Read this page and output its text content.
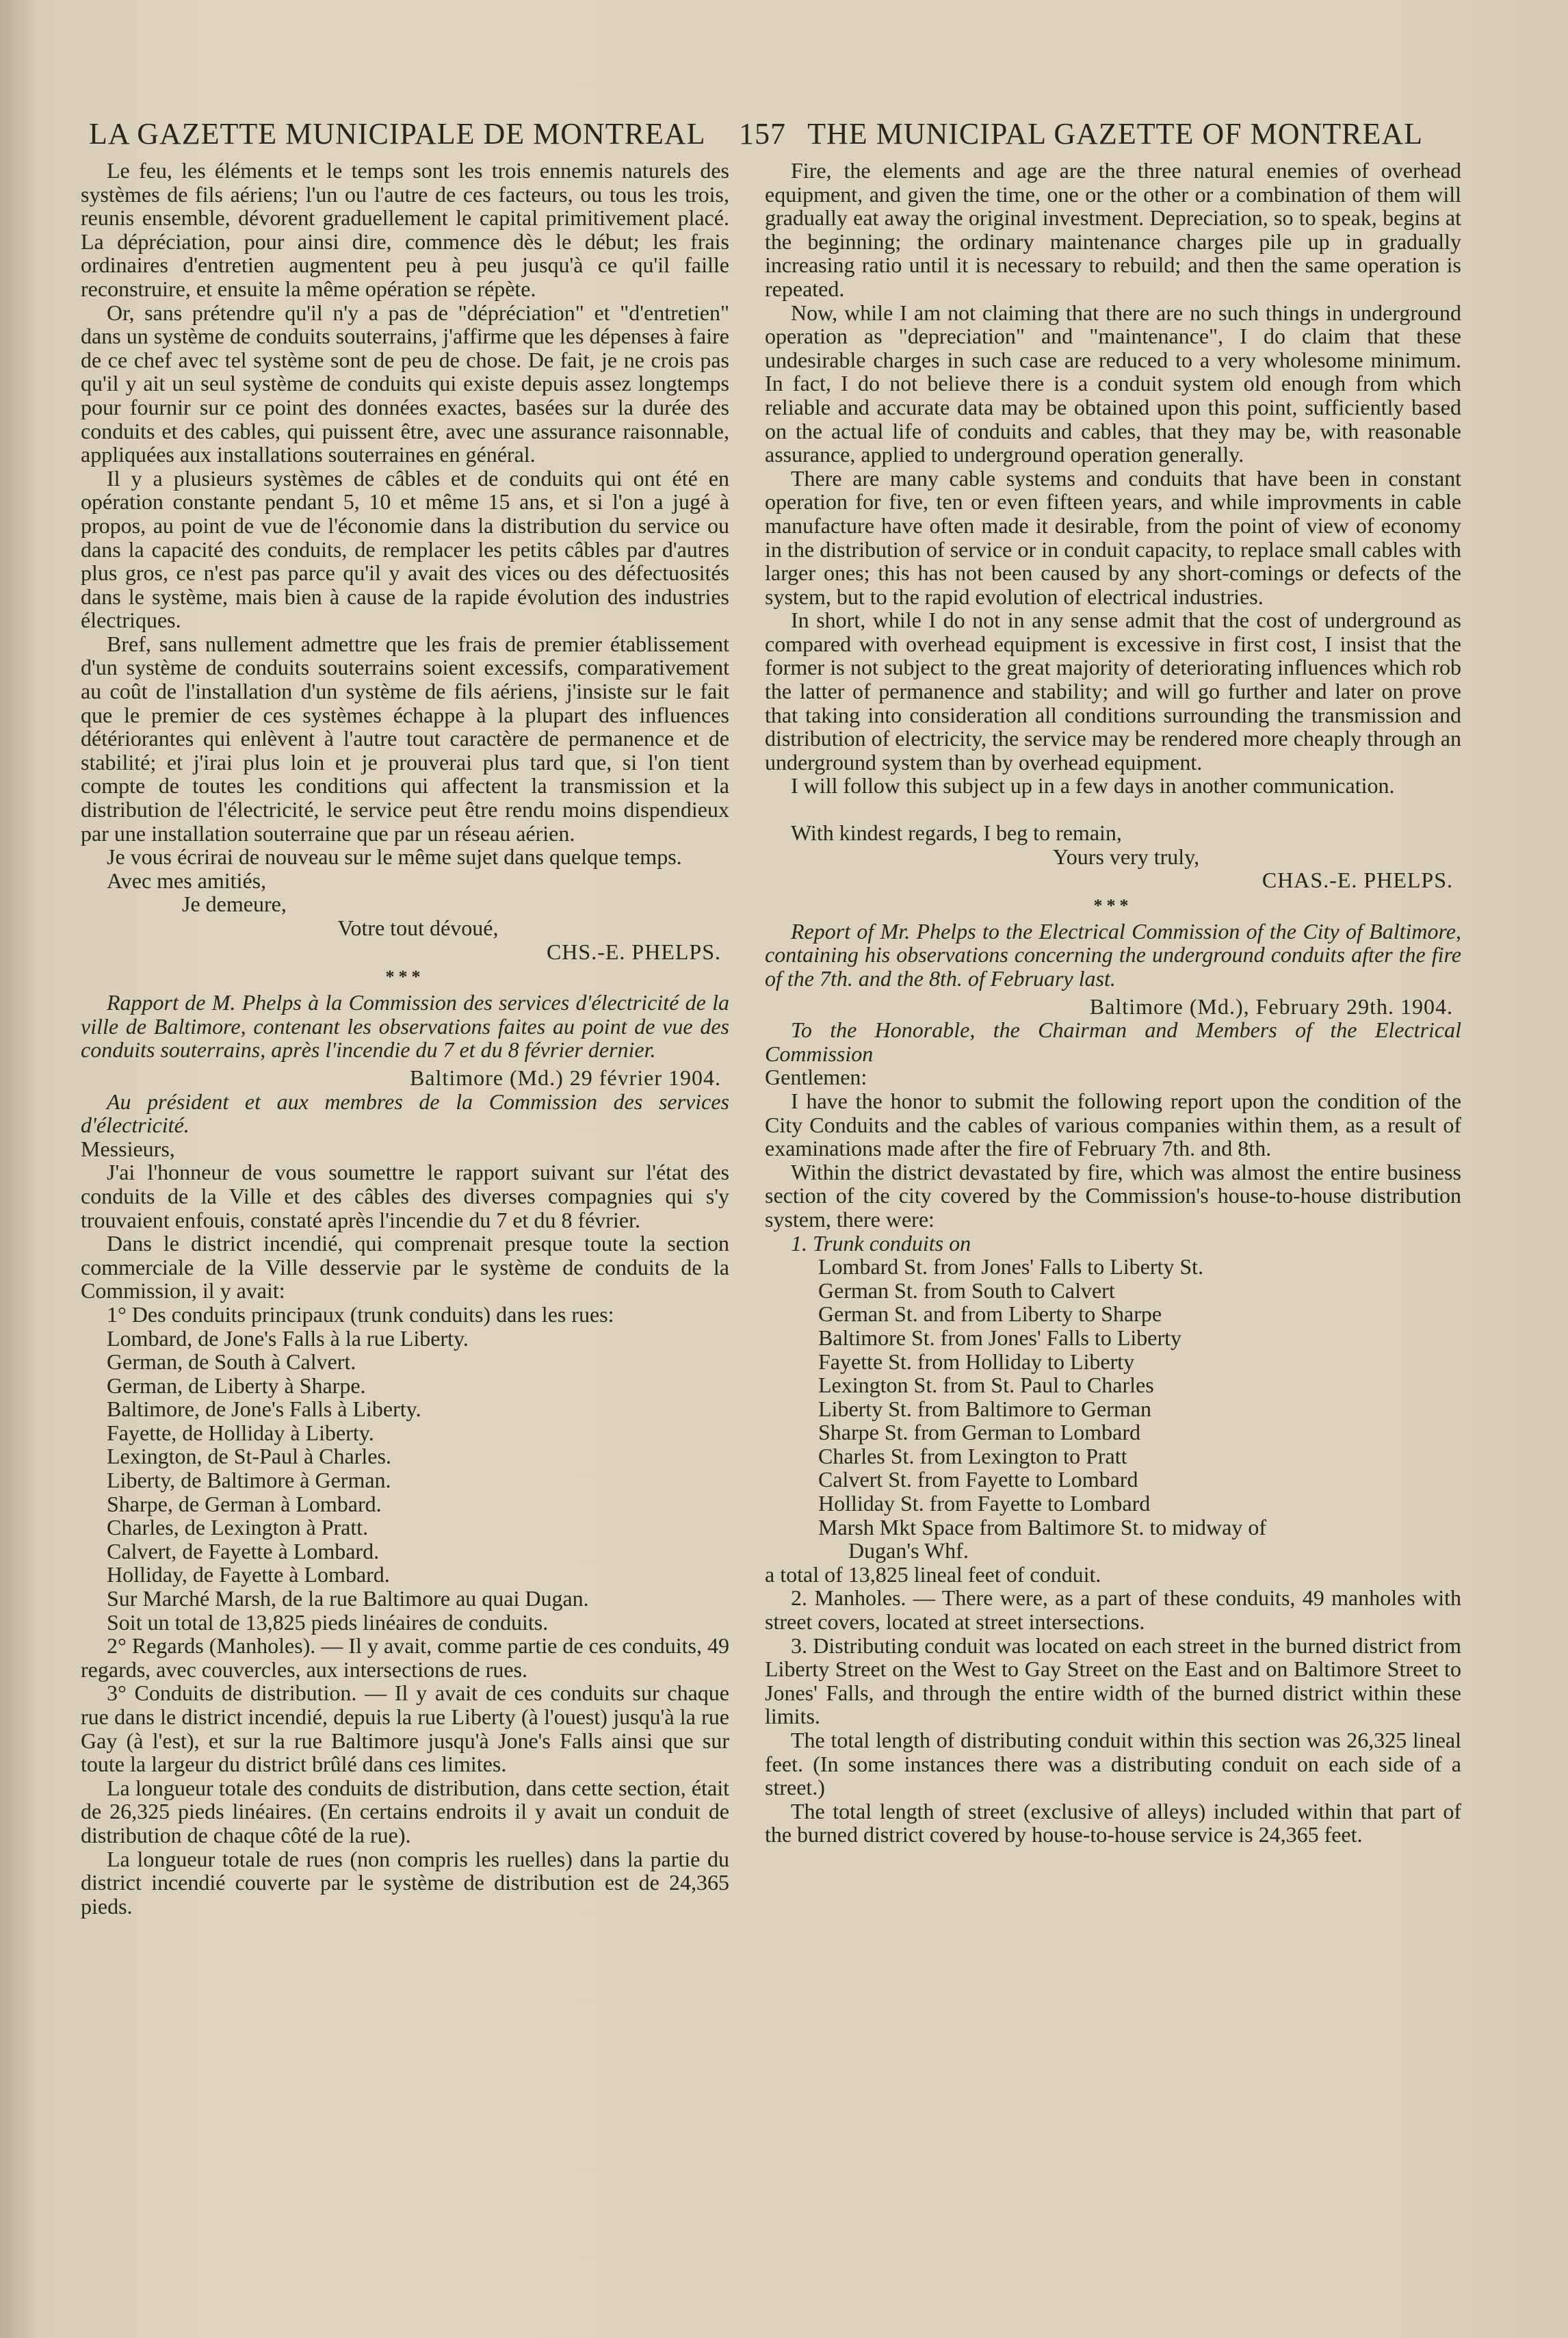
LA GAZETTE MUNICIPALE DE MONTREAL 157 THE MUNICIPAL GAZETTE OF MONTREAL

Le feu, les éléments et le temps sont les trois ennemis naturels des systèmes de fils aériens; l'un ou l'autre de ces facteurs, ou tous les trois, reunis ensemble, dévorent graduellement le capital primitivement placé. La dépréciation, pour ainsi dire, commence dès le début; les frais ordinaires d'entretien augmentent peu à peu jusqu'à ce qu'il faille reconstruire, et ensuite la même opération se répète.

Or, sans prétendre qu'il n'y a pas de "dépréciation" et "d'entretien" dans un système de conduits souterrains, j'affirme que les dépenses à faire de ce chef avec tel système sont de peu de chose. De fait, je ne crois pas qu'il y ait un seul système de conduits qui existe depuis assez longtemps pour fournir sur ce point des données exactes, basées sur la durée des conduits et des cables, qui puissent être, avec une assurance raisonnable, appliquées aux installations souterraines en général.

Il y a plusieurs systèmes de câbles et de conduits qui ont été en opération constante pendant 5, 10 et même 15 ans, et si l'on a jugé à propos, au point de vue de l'économie dans la distribution du service ou dans la capacité des conduits, de remplacer les petits câbles par d'autres plus gros, ce n'est pas parce qu'il y avait des vices ou des défectuosités dans le système, mais bien à cause de la rapide évolution des industries électriques.

Bref, sans nullement admettre que les frais de premier établissement d'un système de conduits souterrains soient excessifs, comparativement au coût de l'installation d'un système de fils aériens, j'insiste sur le fait que le premier de ces systèmes échappe à la plupart des influences détériorantes qui enlèvent à l'autre tout caractère de permanence et de stabilité; et j'irai plus loin et je prouverai plus tard que, si l'on tient compte de toutes les conditions qui affectent la transmission et la distribution de l'électricité, le service peut être rendu moins dispendieux par une installation souterraine que par un réseau aérien.

Je vous écrirai de nouveau sur le même sujet dans quelque temps.

Avec mes amitiés,

Je demeure,

Votre tout dévoué,

CHS.-E. PHELPS.
***

Rapport de M. Phelps à la Commission des services d'électricité de la ville de Baltimore, contenant les observations faites au point de vue des conduits souterrains, après l'incendie du 7 et du 8 février dernier.

Baltimore (Md.) 29 février 1904.

Au président et aux membres de la Commission des services d'électricité.

Messieurs,

J'ai l'honneur de vous soumettre le rapport suivant sur l'état des conduits de la Ville et des câbles des diverses compagnies qui s'y trouvaient enfouis, constaté après l'incendie du 7 et du 8 février.

Dans le district incendié, qui comprenait presque toute la section commerciale de la Ville desservie par le système de conduits de la Commission, il y avait:

1° Des conduits principaux (trunk conduits) dans les rues:

Lombard, de Jone's Falls à la rue Liberty.
German, de South à Calvert.
German, de Liberty à Sharpe.
Baltimore, de Jone's Falls à Liberty.
Fayette, de Holliday à Liberty.
Lexington, de St-Paul à Charles.
Liberty, de Baltimore à German.
Sharpe, de German à Lombard.
Charles, de Lexington à Pratt.
Calvert, de Fayette à Lombard.
Holliday, de Fayette à Lombard.
Sur Marché Marsh, de la rue Baltimore au quai Dugan.

Soit un total de 13,825 pieds linéaires de conduits.

2° Regards (Manholes). — Il y avait, comme partie de ces conduits, 49 regards, avec couvercles, aux intersections de rues.

3° Conduits de distribution. — Il y avait de ces conduits sur chaque rue dans le district incendié, depuis la rue Liberty (à l'ouest) jusqu'à la rue Gay (à l'est), et sur la rue Baltimore jusqu'à Jone's Falls ainsi que sur toute la largeur du district brûlé dans ces limites.

La longueur totale des conduits de distribution, dans cette section, était de 26,325 pieds linéaires. (En certains endroits il y avait un conduit de distribution de chaque côté de la rue).

La longueur totale de rues (non compris les ruelles) dans la partie du district incendié couverte par le système de distribution est de 24,365 pieds.

Fire, the elements and age are the three natural enemies of overhead equipment, and given the time, one or the other or a combination of them will gradually eat away the original investment. Depreciation, so to speak, begins at the beginning; the ordinary maintenance charges pile up in gradually increasing ratio until it is necessary to rebuild; and then the same operation is repeated.

Now, while I am not claiming that there are no such things in underground operation as "depreciation" and "maintenance", I do claim that these undesirable charges in such case are reduced to a very wholesome minimum. In fact, I do not believe there is a conduit system old enough from which reliable and accurate data may be obtained upon this point, sufficiently based on the actual life of conduits and cables, that they may be, with reasonable assurance, applied to underground operation generally.

There are many cable systems and conduits that have been in constant operation for five, ten or even fifteen years, and while improvments in cable manufacture have often made it desirable, from the point of view of economy in the distribution of service or in conduit capacity, to replace small cables with larger ones; this has not been caused by any short-comings or defects of the system, but to the rapid evolution of electrical industries.

In short, while I do not in any sense admit that the cost of underground as compared with overhead equipment is excessive in first cost, I insist that the former is not subject to the great majority of deteriorating influences which rob the latter of permanence and stability; and will go further and later on prove that taking into consideration all conditions surrounding the transmission and distribution of electricity, the service may be rendered more cheaply through an underground system than by overhead equipment.

I will follow this subject up in a few days in another communication.

With kindest regards, I beg to remain,

Yours very truly,

CHAS.-E. PHELPS.
***

Report of Mr. Phelps to the Electrical Commission of the City of Baltimore, containing his observations concerning the underground conduits after the fire of the 7th. and the 8th. of February last.

Baltimore (Md.), February 29th. 1904.

To the Honorable, the Chairman and Members of the Electrical Commission

Gentlemen:

I have the honor to submit the following report upon the condition of the City Conduits and the cables of various companies within them, as a result of examinations made after the fire of February 7th. and 8th.

Within the district devastated by fire, which was almost the entire business section of the city covered by the Commission's house-to-house distribution system, there were:

1. Trunk conduits on

Lombard St. from Jones' Falls to Liberty St.
German St. from South to Calvert
German St. and from Liberty to Sharpe
Baltimore St. from Jones' Falls to Liberty
Fayette St. from Holliday to Liberty
Lexington St. from St. Paul to Charles
Liberty St. from Baltimore to German
Sharpe St. from German to Lombard
Charles St. from Lexington to Pratt
Calvert St. from Fayette to Lombard
Holliday St. from Fayette to Lombard
Marsh Mkt Space from Baltimore St. to midway of
Dugan's Whf.

a total of 13,825 lineal feet of conduit.

2. Manholes. — There were, as a part of these conduits, 49 manholes with street covers, located at street intersections.

3. Distributing conduit was located on each street in the burned district from Liberty Street on the West to Gay Street on the East and on Baltimore Street to Jones' Falls, and through the entire width of the burned district within these limits.

The total length of distributing conduit within this section was 26,325 lineal feet. (In some instances there was a distributing conduit on each side of a street.)

The total length of street (exclusive of alleys) included within that part of the burned district covered by house-to-house service is 24,365 feet.
